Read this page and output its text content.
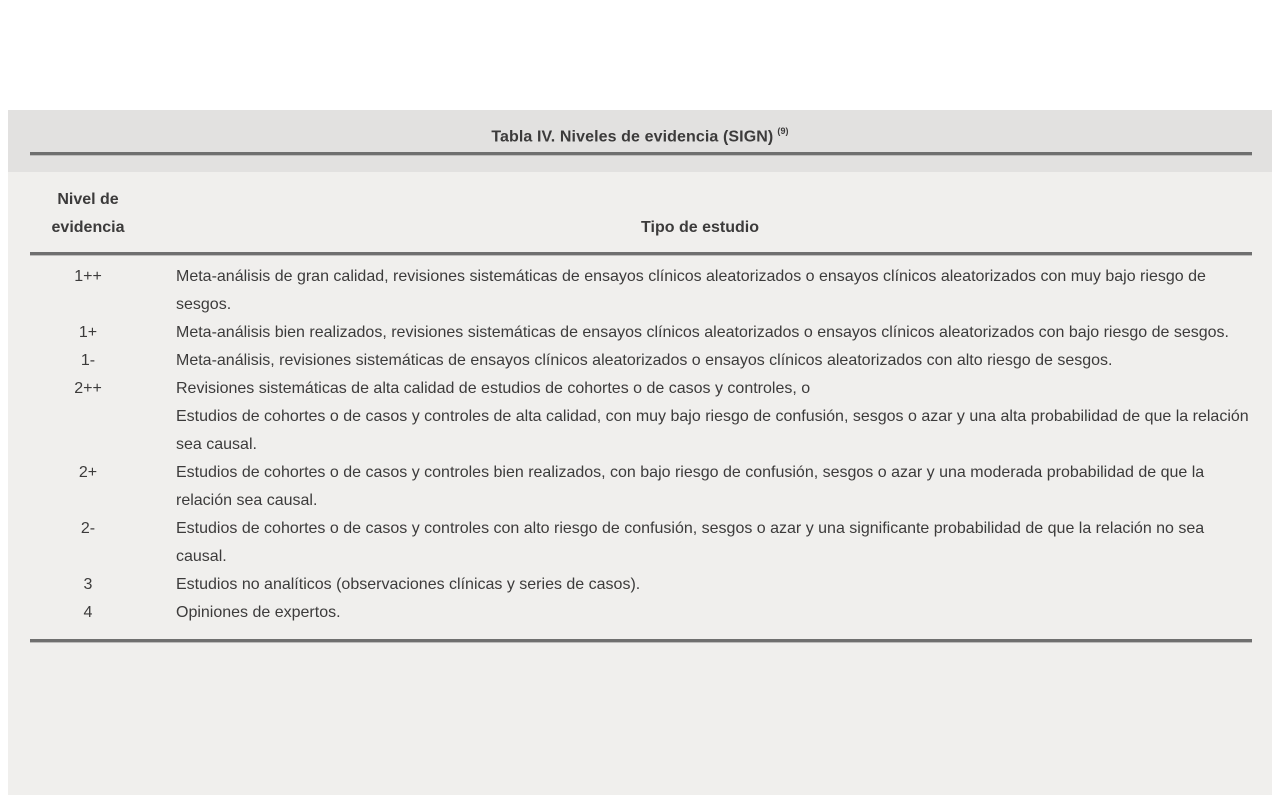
Tabla IV. Niveles de evidencia (SIGN) $^{(9)}$
Nivel de
evidencia	Tipo de estudio
1++	Meta-análisis de gran calidad, revisiones sistemáticas de ensayos clínicos aleatorizados o ensayos clínicos aleatorizados con muy bajo riesgo de sesgos.
1+	Meta-análisis bien realizados, revisiones sistemáticas de ensayos clínicos aleatorizados o ensayos clínicos aleatorizados con bajo riesgo de sesgos.
1-	Meta-análisis, revisiones sistemáticas de ensayos clínicos aleatorizados o ensayos clínicos aleatorizados con alto riesgo de sesgos.
2++	Revisiones sistemáticas de alta calidad de estudios de cohortes o de casos y controles, o
Estudios de cohortes o de casos y controles de alta calidad, con muy bajo riesgo de confusión, sesgos o azar y una alta probabilidad de que la relación sea causal.
2+	Estudios de cohortes o de casos y controles bien realizados, con bajo riesgo de confusión, sesgos o azar y una moderada probabilidad de que la relación sea causal.
2-	Estudios de cohortes o de casos y controles con alto riesgo de confusión, sesgos o azar y una significante probabilidad de que la relación no sea causal.
3	Estudios no analíticos (observaciones clínicas y series de casos).
4	Opiniones de expertos.
